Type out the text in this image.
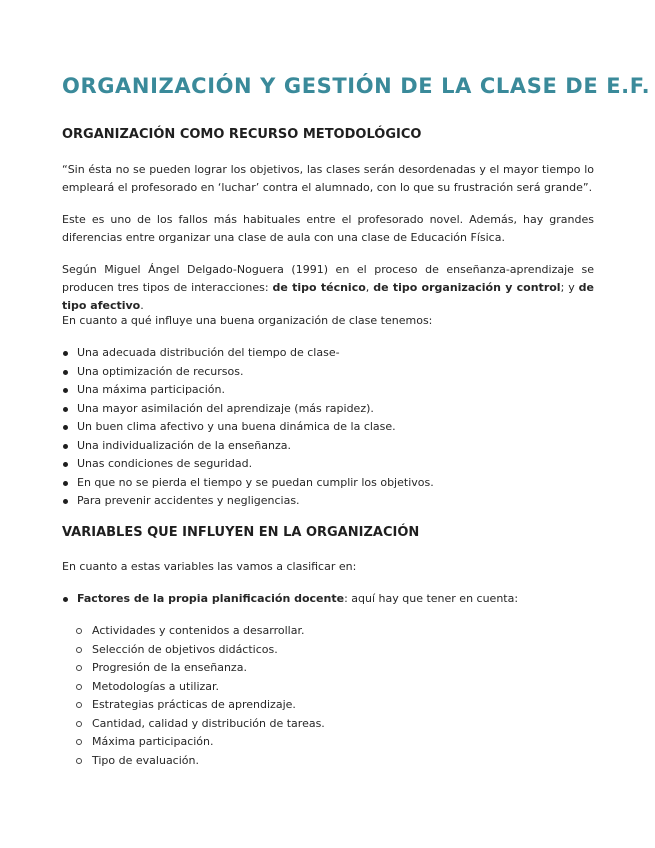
ORGANIZACIÓN Y GESTIÓN DE LA CLASE DE E.F.
ORGANIZACIÓN COMO RECURSO METODOLÓGICO

“Sin ésta no se pueden lograr los objetivos, las clases serán desordenadas y el mayor tiempo lo empleará el profesorado en ‘luchar’ contra el alumnado, con lo que su frustración será grande”.

Este es uno de los fallos más habituales entre el profesorado novel. Además, hay grandes diferencias entre organizar una clase de aula con una clase de Educación Física.

Según Miguel Ángel Delgado-Noguera (1991) en el proceso de enseñanza-aprendizaje se producen tres tipos de interacciones: de tipo técnico, de tipo organización y control; y de tipo afectivo.

En cuanto a qué influye una buena organización de clase tenemos:

Una adecuada distribución del tiempo de clase-
Una optimización de recursos.
Una máxima participación.
Una mayor asimilación del aprendizaje (más rapidez).
Un buen clima afectivo y una buena dinámica de la clase.
Una individualización de la enseñanza.
Unas condiciones de seguridad.
En que no se pierda el tiempo y se puedan cumplir los objetivos.
Para prevenir accidentes y negligencias.
VARIABLES QUE INFLUYEN EN LA ORGANIZACIÓN

En cuanto a estas variables las vamos a clasificar en:

Factores de la propia planificación docente: aquí hay que tener en cuenta:
Actividades y contenidos a desarrollar.
Selección de objetivos didácticos.
Progresión de la enseñanza.
Metodologías a utilizar.
Estrategias prácticas de aprendizaje.
Cantidad, calidad y distribución de tareas.
Máxima participación.
Tipo de evaluación.
